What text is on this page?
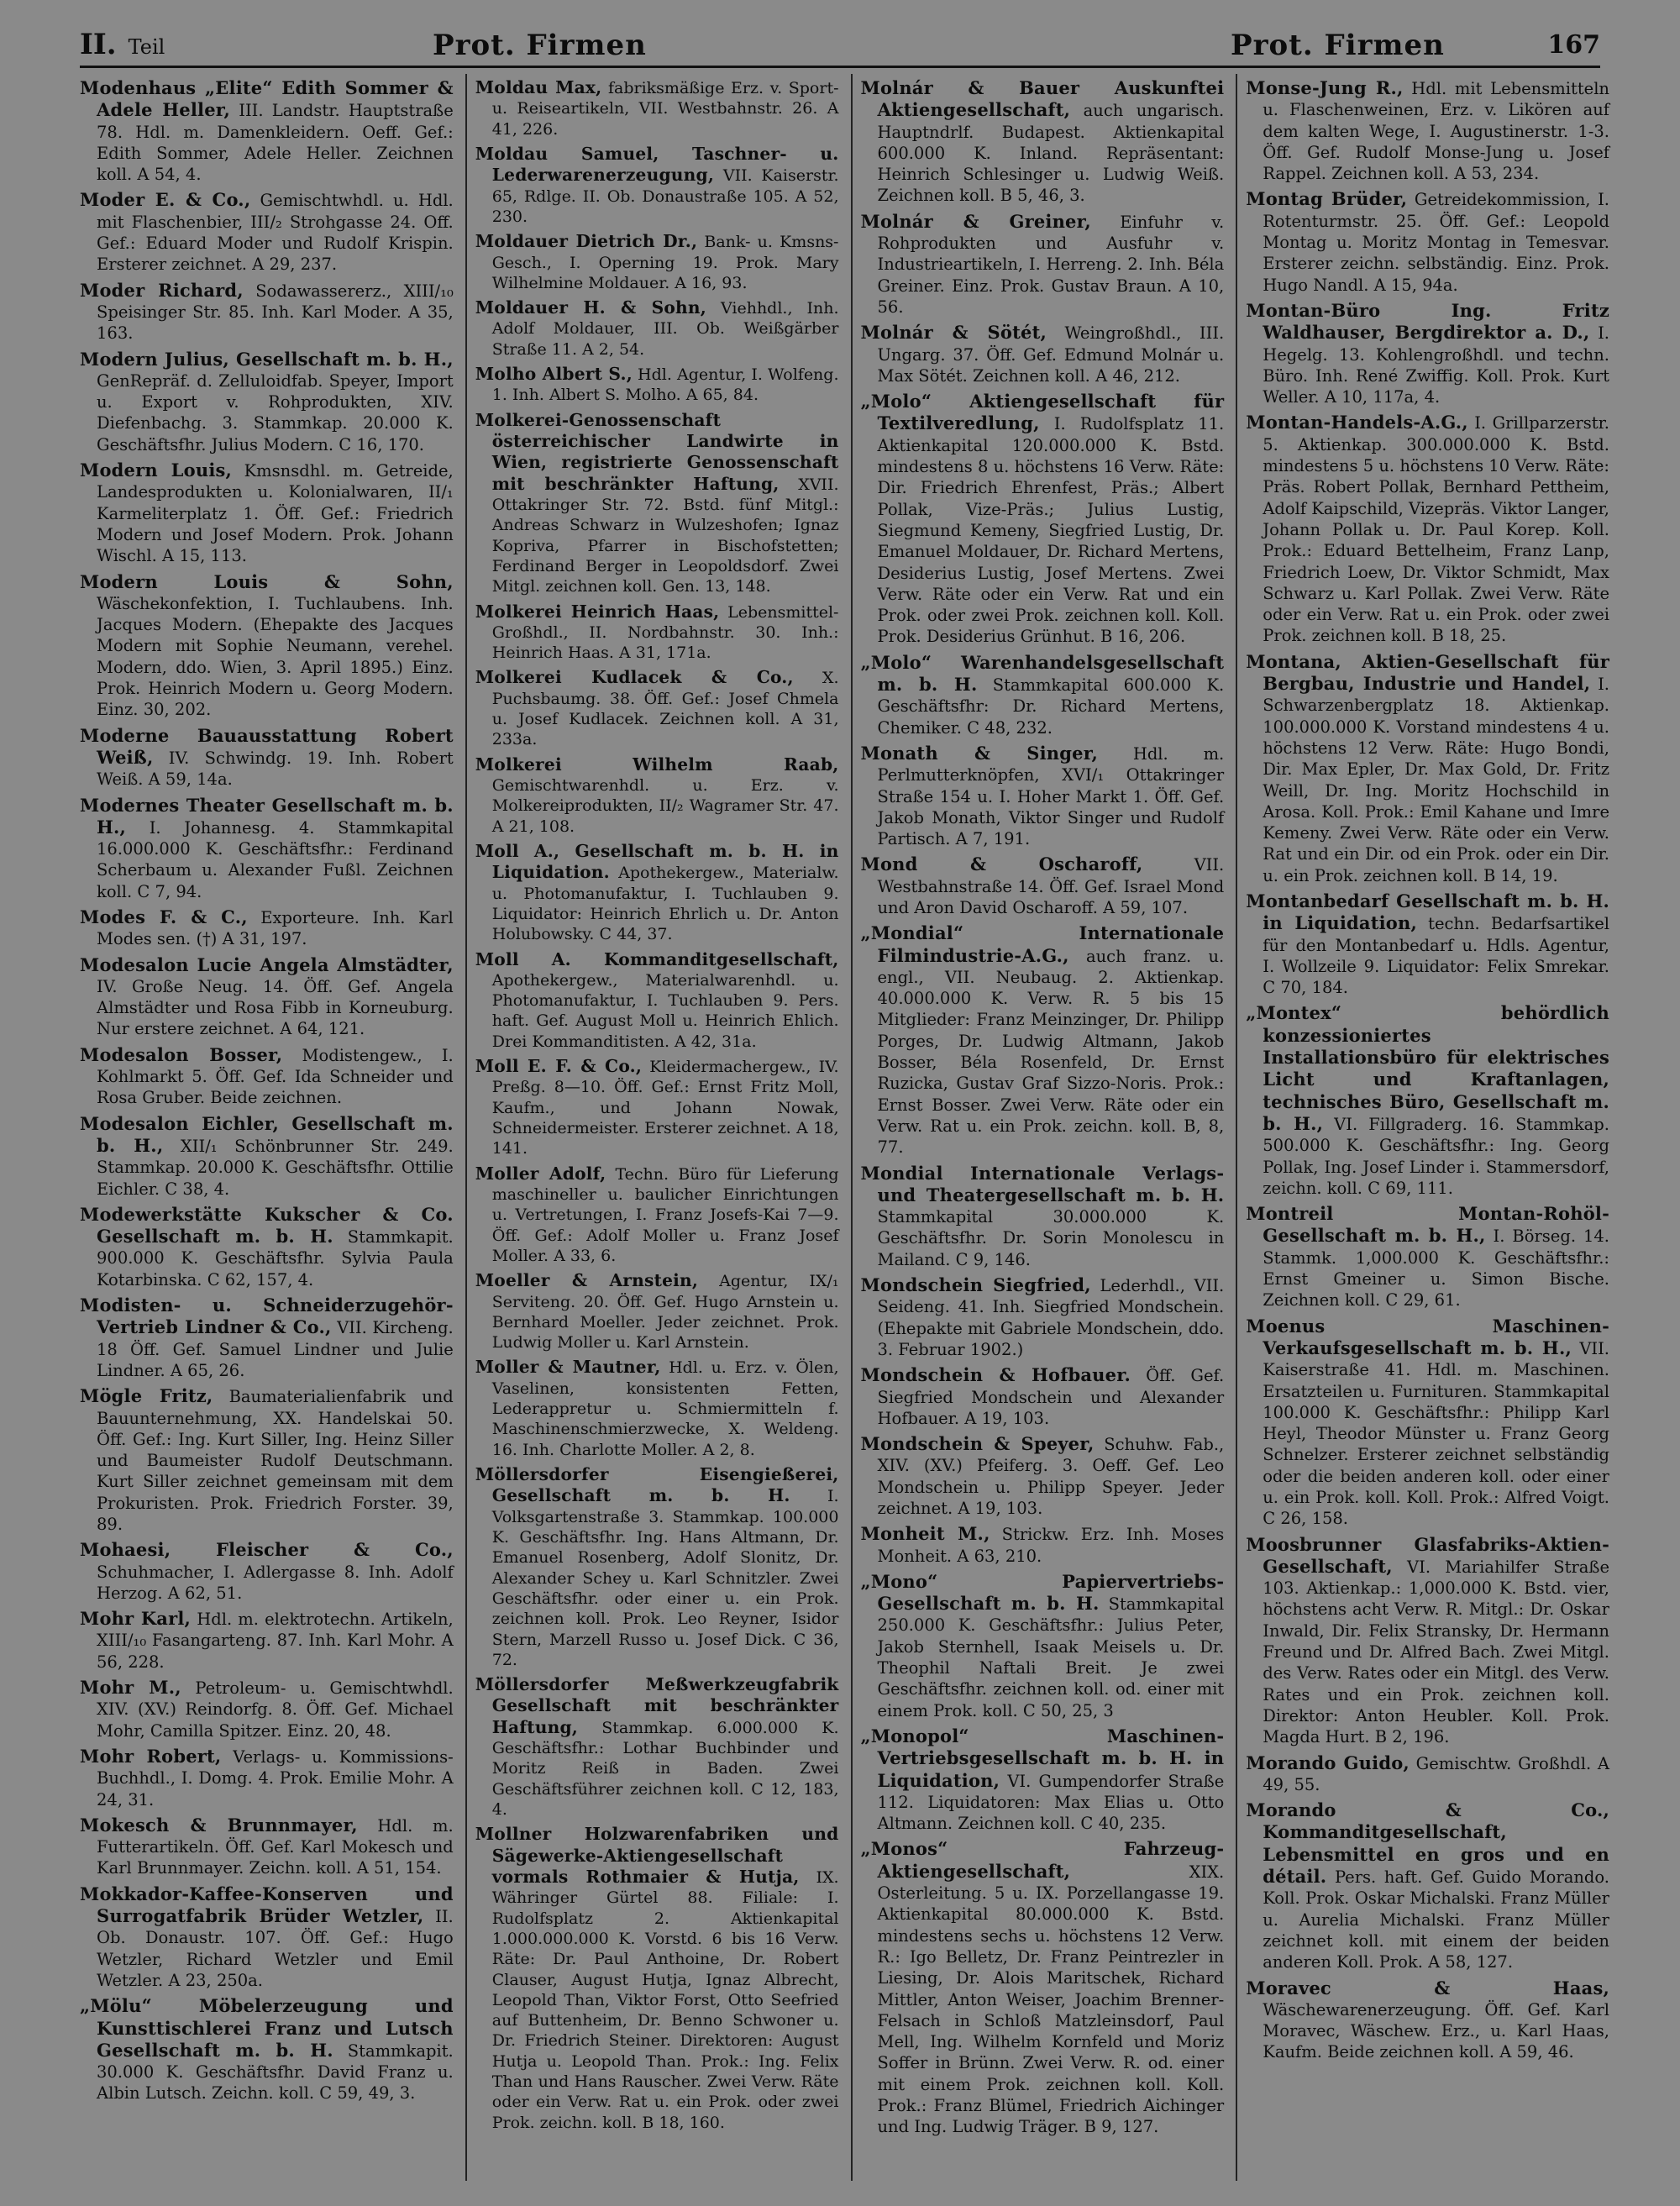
II. Teil	Prot. Firmen	Prot. Firmen	167

Modenhaus „Elite“ Edith Sommer & Adele Heller, III. Landstr. Hauptstraße 78. Hdl. m. Damenkleidern. Oeff. Gef.: Edith Sommer, Adele Heller. Zeichnen koll. A 54, 4.

Moder E. & Co., Gemischtwhdl. u. Hdl. mit Flaschenbier, III/₂ Strohgasse 24. Off. Gef.: Eduard Moder und Rudolf Krispin. Ersterer zeichnet. A 29, 237.

Moder Richard, Sodawassererz., XIII/₁₀ Speisinger Str. 85. Inh. Karl Moder. A 35, 163.

Modern Julius, Gesellschaft m. b. H., GenRepräf. d. Zelluloidfab. Speyer, Import u. Export v. Rohprodukten, XIV. Diefenbachg. 3. Stammkap. 20.000 K. Geschäftsfhr. Julius Modern. C 16, 170.

Modern Louis, Kmsnsdhl. m. Getreide, Landesprodukten u. Kolonialwaren, II/₁ Karmeliterplatz 1. Öff. Gef.: Friedrich Modern und Josef Modern. Prok. Johann Wischl. A 15, 113.

Modern Louis & Sohn, Wäschekonfektion, I. Tuchlaubens. Inh. Jacques Modern. (Ehepakte des Jacques Modern mit Sophie Neumann, verehel. Modern, ddo. Wien, 3. April 1895.) Einz. Prok. Heinrich Modern u. Georg Modern. Einz. 30, 202.

Moderne Bauausstattung Robert Weiß, IV. Schwindg. 19. Inh. Robert Weiß. A 59, 14a.

Modernes Theater Gesellschaft m. b. H., I. Johannesg. 4. Stammkapital 16.000.000 K. Geschäftsfhr.: Ferdinand Scherbaum u. Alexander Fußl. Zeichnen koll. C 7, 94.

Modes F. & C., Exporteure. Inh. Karl Modes sen. (†) A 31, 197.

Modesalon Lucie Angela Almstädter, IV. Große Neug. 14. Öff. Gef. Angela Almstädter und Rosa Fibb in Korneuburg. Nur erstere zeichnet. A 64, 121.

Modesalon Bosser, Modistengew., I. Kohlmarkt 5. Öff. Gef. Ida Schneider und Rosa Gruber. Beide zeichnen.

Modesalon Eichler, Gesellschaft m. b. H., XII/₁ Schönbrunner Str. 249. Stammkap. 20.000 K. Geschäftsfhr. Ottilie Eichler. C 38, 4.

Modewerkstätte Kukscher & Co. Gesellschaft m. b. H. Stammkapit. 900.000 K. Geschäftsfhr. Sylvia Paula Kotarbinska. C 62, 157, 4.

Modisten- u. Schneiderzugehör-Vertrieb Lindner & Co., VII. Kircheng. 18 Öff. Gef. Samuel Lindner und Julie Lindner. A 65, 26.

Mögle Fritz, Baumaterialienfabrik und Bauunternehmung, XX. Handelskai 50. Öff. Gef.: Ing. Kurt Siller, Ing. Heinz Siller und Baumeister Rudolf Deutschmann. Kurt Siller zeichnet gemeinsam mit dem Prokuristen. Prok. Friedrich Forster. 39, 89.

Mohaesi, Fleischer & Co., Schuhmacher, I. Adlergasse 8. Inh. Adolf Herzog. A 62, 51.

Mohr Karl, Hdl. m. elektrotechn. Artikeln, XIII/₁₀ Fasangarteng. 87. Inh. Karl Mohr. A 56, 228.

Mohr M., Petroleum- u. Gemischtwhdl. XIV. (XV.) Reindorfg. 8. Öff. Gef. Michael Mohr, Camilla Spitzer. Einz. 20, 48.

Mohr Robert, Verlags- u. Kommissions-Buchhdl., I. Domg. 4. Prok. Emilie Mohr. A 24, 31.

Mokesch & Brunnmayer, Hdl. m. Futterartikeln. Öff. Gef. Karl Mokesch und Karl Brunnmayer. Zeichn. koll. A 51, 154.

Mokkador-Kaffee-Konserven und Surrogatfabrik Brüder Wetzler, II. Ob. Donaustr. 107. Öff. Gef.: Hugo Wetzler, Richard Wetzler und Emil Wetzler. A 23, 250a.

„Mölu“ Möbelerzeugung und Kunsttischlerei Franz und Lutsch Gesellschaft m. b. H. Stammkapit. 30.000 K. Geschäftsfhr. David Franz u. Albin Lutsch. Zeichn. koll. C 59, 49, 3.

Moldau Max, fabriksmäßige Erz. v. Sport- u. Reiseartikeln, VII. Westbahnstr. 26. A 41, 226.

Moldau Samuel, Taschner- u. Lederwarenerzeugung, VII. Kaiserstr. 65, Rdlge. II. Ob. Donaustraße 105. A 52, 230.

Moldauer Dietrich Dr., Bank- u. Kmsns-Gesch., I. Operning 19. Prok. Mary Wilhelmine Moldauer. A 16, 93.

Moldauer H. & Sohn, Viehhdl., Inh. Adolf Moldauer, III. Ob. Weißgärber Straße 11. A 2, 54.

Molho Albert S., Hdl. Agentur, I. Wolfeng. 1. Inh. Albert S. Molho. A 65, 84.

Molkerei-Genossenschaft österreichischer Landwirte in Wien, registrierte Genossenschaft mit beschränkter Haftung, XVII. Ottakringer Str. 72. Bstd. fünf Mitgl.: Andreas Schwarz in Wulzeshofen; Ignaz Kopriva, Pfarrer in Bischofstetten; Ferdinand Berger in Leopoldsdorf. Zwei Mitgl. zeichnen koll. Gen. 13, 148.

Molkerei Heinrich Haas, Lebensmittel-Großhdl., II. Nordbahnstr. 30. Inh.: Heinrich Haas. A 31, 171a.

Molkerei Kudlacek & Co., X. Puchsbaumg. 38. Öff. Gef.: Josef Chmela u. Josef Kudlacek. Zeichnen koll. A 31, 233a.

Molkerei Wilhelm Raab, Gemischtwarenhdl. u. Erz. v. Molkereiprodukten, II/₂ Wagramer Str. 47. A 21, 108.

Moll A., Gesellschaft m. b. H. in Liquidation. Apothekergew., Materialw. u. Photomanufaktur, I. Tuchlauben 9. Liquidator: Heinrich Ehrlich u. Dr. Anton Holubowsky. C 44, 37.

Moll A. Kommanditgesellschaft, Apothekergew., Materialwarenhdl. u. Photomanufaktur, I. Tuchlauben 9. Pers. haft. Gef. August Moll u. Heinrich Ehlich. Drei Kommanditisten. A 42, 31a.

Moll E. F. & Co., Kleidermachergew., IV. Preßg. 8—10. Öff. Gef.: Ernst Fritz Moll, Kaufm., und Johann Nowak, Schneidermeister. Ersterer zeichnet. A 18, 141.

Moller Adolf, Techn. Büro für Lieferung maschineller u. baulicher Einrichtungen u. Vertretungen, I. Franz Josefs-Kai 7—9. Öff. Gef.: Adolf Moller u. Franz Josef Moller. A 33, 6.

Moeller & Arnstein, Agentur, IX/₁ Serviteng. 20. Öff. Gef. Hugo Arnstein u. Bernhard Moeller. Jeder zeichnet. Prok. Ludwig Moller u. Karl Arnstein.

Moller & Mautner, Hdl. u. Erz. v. Ölen, Vaselinen, konsistenten Fetten, Lederappretur u. Schmiermitteln f. Maschinenschmierzwecke, X. Weldeng. 16. Inh. Charlotte Moller. A 2, 8.

Möllersdorfer Eisengießerei, Gesellschaft m. b. H. I. Volksgartenstraße 3. Stammkap. 100.000 K. Geschäftsfhr. Ing. Hans Altmann, Dr. Emanuel Rosenberg, Adolf Slonitz, Dr. Alexander Schey u. Karl Schnitzler. Zwei Geschäftsfhr. oder einer u. ein Prok. zeichnen koll. Prok. Leo Reyner, Isidor Stern, Marzell Russo u. Josef Dick. C 36, 72.

Möllersdorfer Meßwerkzeugfabrik Gesellschaft mit beschränkter Haftung, Stammkap. 6.000.000 K. Geschäftsfhr.: Lothar Buchbinder und Moritz Reiß in Baden. Zwei Geschäftsführer zeichnen koll. C 12, 183, 4.

Mollner Holzwarenfabriken und Sägewerke-Aktiengesellschaft vormals Rothmaier & Hutja, IX. Währinger Gürtel 88. Filiale: I. Rudolfsplatz 2. Aktienkapital 1.000.000.000 K. Vorstd. 6 bis 16 Verw. Räte: Dr. Paul Anthoine, Dr. Robert Clauser, August Hutja, Ignaz Albrecht, Leopold Than, Viktor Forst, Otto Seefried auf Buttenheim, Dr. Benno Schwoner u. Dr. Friedrich Steiner. Direktoren: August Hutja u. Leopold Than. Prok.: Ing. Felix Than und Hans Rauscher. Zwei Verw. Räte oder ein Verw. Rat u. ein Prok. oder zwei Prok. zeichn. koll. B 18, 160.

Molnár & Bauer Auskunftei Aktiengesellschaft, auch ungarisch. Hauptndrlf. Budapest. Aktienkapital 600.000 K. Inland. Repräsentant: Heinrich Schlesinger u. Ludwig Weiß. Zeichnen koll. B 5, 46, 3.

Molnár & Greiner, Einfuhr v. Rohprodukten und Ausfuhr v. Industrieartikeln, I. Herreng. 2. Inh. Béla Greiner. Einz. Prok. Gustav Braun. A 10, 56.

Molnár & Sötét, Weingroßhdl., III. Ungarg. 37. Öff. Gef. Edmund Molnár u. Max Sötét. Zeichnen koll. A 46, 212.

„Molo“ Aktiengesellschaft für Textilveredlung, I. Rudolfsplatz 11. Aktienkapital 120.000.000 K. Bstd. mindestens 8 u. höchstens 16 Verw. Räte: Dir. Friedrich Ehrenfest, Präs.; Albert Pollak, Vize-Präs.; Julius Lustig, Siegmund Kemeny, Siegfried Lustig, Dr. Emanuel Moldauer, Dr. Richard Mertens, Desiderius Lustig, Josef Mertens. Zwei Verw. Räte oder ein Verw. Rat und ein Prok. oder zwei Prok. zeichnen koll. Koll. Prok. Desiderius Grünhut. B 16, 206.

„Molo“ Warenhandelsgesellschaft m. b. H. Stammkapital 600.000 K. Geschäftsfhr: Dr. Richard Mertens, Chemiker. C 48, 232.

Monath & Singer, Hdl. m. Perlmutterknöpfen, XVI/₁ Ottakringer Straße 154 u. I. Hoher Markt 1. Öff. Gef. Jakob Monath, Viktor Singer und Rudolf Partisch. A 7, 191.

Mond & Oscharoff,	VII. Westbahnstraße 14. Öff. Gef. Israel Mond und Aron David Oscharoff. A 59, 107.

„Mondial“ Internationale Filmindustrie-A.G., auch franz. u. engl., VII. Neubaug. 2. Aktienkap. 40.000.000 K. Verw. R. 5 bis 15 Mitglieder: Franz Meinzinger, Dr. Philipp Porges, Dr. Ludwig Altmann, Jakob Bosser, Béla Rosenfeld, Dr. Ernst Ruzicka, Gustav Graf Sizzo-Noris. Prok.: Ernst Bosser. Zwei Verw. Räte oder ein Verw. Rat u. ein Prok. zeichn. koll. B, 8, 77.

Mondial Internationale Verlags- und Theatergesellschaft m. b. H. Stammkapital 30.000.000 K. Geschäftsfhr. Dr. Sorin Monolescu in Mailand. C 9, 146.

Mondschein Siegfried, Lederhdl., VII. Seideng. 41. Inh. Siegfried Mondschein. (Ehepakte mit Gabriele Mondschein, ddo. 3. Februar 1902.)

Mondschein & Hofbauer. Öff. Gef. Siegfried Mondschein und Alexander Hofbauer. A 19, 103.

Mondschein & Speyer, Schuhw. Fab., XIV. (XV.) Pfeiferg. 3. Oeff. Gef. Leo Mondschein u. Philipp Speyer. Jeder zeichnet. A 19, 103.

Monheit M., Strickw. Erz. Inh. Moses Monheit. A 63, 210.

„Mono“ Papiervertriebs-Gesellschaft m. b. H. Stammkapital 250.000 K. Geschäftsfhr.: Julius Peter, Jakob Sternhell, Isaak Meisels u. Dr. Theophil Naftali Breit. Je zwei Geschäftsfhr. zeichnen koll. od. einer mit einem Prok. koll. C 50, 25, 3

„Monopol“ Maschinen-Vertriebsgesellschaft m. b. H. in Liquidation, VI. Gumpendorfer Straße 112. Liquidatoren: Max Elias u. Otto Altmann. Zeichnen koll. C 40, 235.

„Monos“ Fahrzeug-Aktiengesellschaft,	XIX. Osterleitung. 5 u. IX. Porzellangasse 19. Aktienkapital 80.000.000 K. Bstd. mindestens sechs u. höchstens 12 Verw. R.: Igo Belletz, Dr. Franz Peintrezler in Liesing, Dr. Alois Maritschek, Richard Mittler, Anton Weiser, Joachim Brenner-Felsach in Schloß Matzleinsdorf, Paul Mell, Ing. Wilhelm Kornfeld und Moriz Soffer in Brünn. Zwei Verw. R. od. einer mit einem Prok. zeichnen koll. Koll. Prok.: Franz Blümel, Friedrich Aichinger und Ing. Ludwig Träger. B 9, 127.

Monse-Jung R., Hdl. mit Lebensmitteln u. Flaschenweinen, Erz. v. Likören auf dem kalten Wege, I. Augustinerstr. 1-3. Öff. Gef. Rudolf Monse-Jung u. Josef Rappel. Zeichnen koll. A 53, 234.

Montag Brüder, Getreidekommission, I. Rotenturmstr. 25. Öff. Gef.: Leopold Montag u. Moritz Montag in Temesvar. Ersterer zeichn. selbständig. Einz. Prok. Hugo Nandl. A 15, 94a.

Montan-Büro Ing. Fritz Waldhauser, Bergdirektor a. D., I. Hegelg. 13. Kohlengroßhdl. und techn. Büro. Inh. René Zwiffig. Koll. Prok. Kurt Weller. A 10, 117a, 4.

Montan-Handels-A.G., I. Grillparzerstr. 5. Aktienkap. 300.000.000 K. Bstd. mindestens 5 u. höchstens 10 Verw. Räte: Präs. Robert Pollak, Bernhard Pettheim, Adolf Kaipschild, Vizepräs. Viktor Langer, Johann Pollak u. Dr. Paul Korep. Koll. Prok.: Eduard Bettelheim, Franz Lanp, Friedrich Loew, Dr. Viktor Schmidt, Max Schwarz u. Karl Pollak. Zwei Verw. Räte oder ein Verw. Rat u. ein Prok. oder zwei Prok. zeichnen koll. B 18, 25.

Montana, Aktien-Gesellschaft für Bergbau, Industrie und Handel, I. Schwarzenbergplatz 18. Aktienkap. 100.000.000 K. Vorstand mindestens 4 u. höchstens 12 Verw. Räte: Hugo Bondi, Dir. Max Epler, Dr. Max Gold, Dr. Fritz Weill, Dr. Ing. Moritz Hochschild in Arosa. Koll. Prok.: Emil Kahane und Imre Kemeny. Zwei Verw. Räte oder ein Verw. Rat und ein Dir. od ein Prok. oder ein Dir. u. ein Prok. zeichnen koll. B 14, 19.

Montanbedarf Gesellschaft m. b. H. in Liquidation, techn. Bedarfsartikel für den Montanbedarf u. Hdls. Agentur, I. Wollzeile 9. Liquidator: Felix Smrekar. C 70, 184.

„Montex“ behördlich konzessioniertes Installationsbüro für elektrisches Licht und Kraftanlagen, technisches Büro, Gesellschaft m. b. H., VI. Fillgraderg. 16. Stammkap. 500.000 K. Geschäftsfhr.: Ing. Georg Pollak, Ing. Josef Linder i. Stammersdorf, zeichn. koll. C 69, 111.

Montreil Montan-Rohöl-Gesellschaft m. b. H., I. Börseg. 14. Stammk. 1,000.000 K. Geschäftsfhr.: Ernst Gmeiner u. Simon Bische. Zeichnen koll. C 29, 61.

Moenus Maschinen-Verkaufsgesellschaft m. b. H., VII. Kaiserstraße 41. Hdl. m. Maschinen. Ersatzteilen u. Furnituren. Stammkapital 100.000 K. Geschäftsfhr.: Philipp Karl Heyl, Theodor Münster u. Franz Georg Schnelzer. Ersterer zeichnet selbständig oder die beiden anderen koll. oder einer u. ein Prok. koll. Koll. Prok.: Alfred Voigt. C 26, 158.

Moosbrunner Glasfabriks-Aktien-Gesellschaft, VI. Mariahilfer Straße 103. Aktienkap.: 1,000.000 K. Bstd. vier, höchstens acht Verw. R. Mitgl.: Dr. Oskar Inwald, Dir. Felix Stransky, Dr. Hermann Freund und Dr. Alfred Bach. Zwei Mitgl. des Verw. Rates oder ein Mitgl. des Verw. Rates und ein Prok. zeichnen koll. Direktor: Anton Heubler. Koll. Prok. Magda Hurt. B 2, 196.

Morando Guido, Gemischtw. Großhdl. A 49, 55.

Morando & Co., Kommanditgesellschaft, Lebensmittel en gros und en détail. Pers. haft. Gef. Guido Morando. Koll. Prok. Oskar Michalski. Franz Müller u. Aurelia Michalski. Franz Müller zeichnet koll. mit einem der beiden anderen Koll. Prok. A 58, 127.

Moravec & Haas, Wäschewarenerzeugung. Öff. Gef. Karl Moravec, Wäschew. Erz., u. Karl Haas, Kaufm. Beide zeichnen koll. A 59, 46.
